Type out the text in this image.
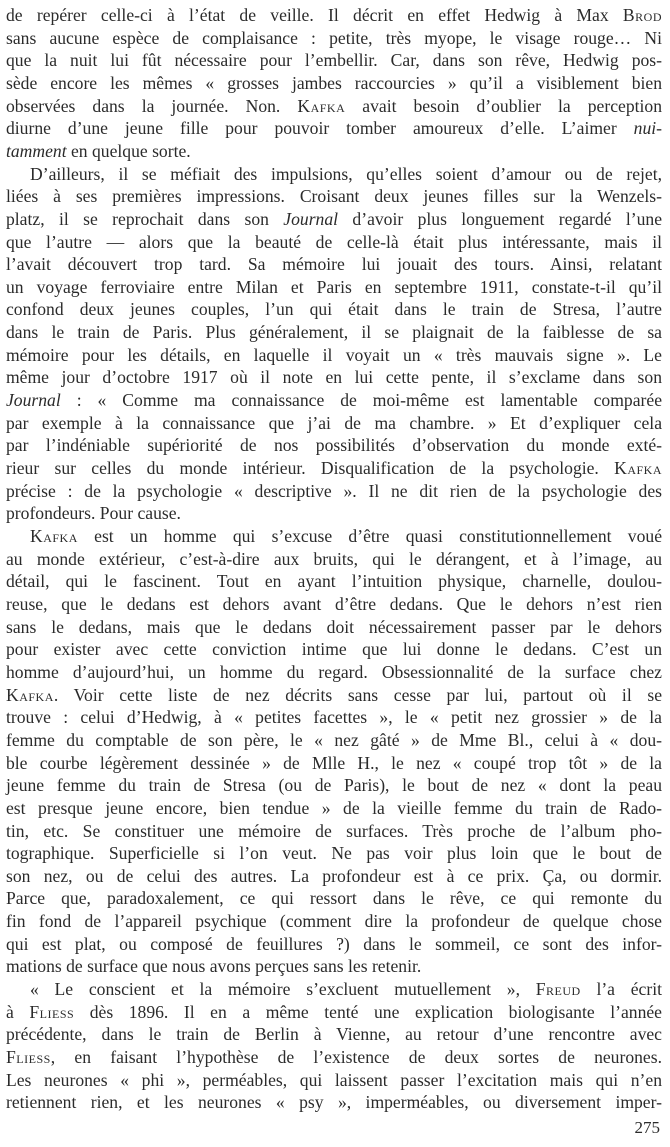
de repérer celle-ci à l’état de veille. Il décrit en effet Hedwig à Max Brod
sans aucune espèce de complaisance : petite, très myope, le visage rouge… Ni
que la nuit lui fût nécessaire pour l’embellir. Car, dans son rêve, Hedwig pos-
sède encore les mêmes « grosses jambes raccourcies » qu’il a visiblement bien
observées dans la journée. Non. Kafka avait besoin d’oublier la perception
diurne d’une jeune fille pour pouvoir tomber amoureux d’elle. L’aimer nui-
tamment en quelque sorte.
D’ailleurs, il se méfiait des impulsions, qu’elles soient d’amour ou de rejet,
liées à ses premières impressions. Croisant deux jeunes filles sur la Wenzels-
platz, il se reprochait dans son Journal d’avoir plus longuement regardé l’une
que l’autre — alors que la beauté de celle-là était plus intéressante, mais il
l’avait découvert trop tard. Sa mémoire lui jouait des tours. Ainsi, relatant
un voyage ferroviaire entre Milan et Paris en septembre 1911, constate-t-il qu’il
confond deux jeunes couples, l’un qui était dans le train de Stresa, l’autre
dans le train de Paris. Plus généralement, il se plaignait de la faiblesse de sa
mémoire pour les détails, en laquelle il voyait un « très mauvais signe ». Le
même jour d’octobre 1917 où il note en lui cette pente, il s’exclame dans son
Journal : « Comme ma connaissance de moi-même est lamentable comparée
par exemple à la connaissance que j’ai de ma chambre. » Et d’expliquer cela
par l’indéniable supériorité de nos possibilités d’observation du monde exté-
rieur sur celles du monde intérieur. Disqualification de la psychologie. Kafka
précise : de la psychologie « descriptive ». Il ne dit rien de la psychologie des
profondeurs. Pour cause.
Kafka est un homme qui s’excuse d’être quasi constitutionnellement voué
au monde extérieur, c’est-à-dire aux bruits, qui le dérangent, et à l’image, au
détail, qui le fascinent. Tout en ayant l’intuition physique, charnelle, doulou-
reuse, que le dedans est dehors avant d’être dedans. Que le dehors n’est rien
sans le dedans, mais que le dedans doit nécessairement passer par le dehors
pour exister avec cette conviction intime que lui donne le dedans. C’est un
homme d’aujourd’hui, un homme du regard. Obsessionnalité de la surface chez
Kafka. Voir cette liste de nez décrits sans cesse par lui, partout où il se
trouve : celui d’Hedwig, à « petites facettes », le « petit nez grossier » de la
femme du comptable de son père, le « nez gâté » de Mme Bl., celui à « dou-
ble courbe légèrement dessinée » de Mlle H., le nez « coupé trop tôt » de la
jeune femme du train de Stresa (ou de Paris), le bout de nez « dont la peau
est presque jeune encore, bien tendue » de la vieille femme du train de Rado-
tin, etc. Se constituer une mémoire de surfaces. Très proche de l’album pho-
tographique. Superficielle si l’on veut. Ne pas voir plus loin que le bout de
son nez, ou de celui des autres. La profondeur est à ce prix. Ça, ou dormir.
Parce que, paradoxalement, ce qui ressort dans le rêve, ce qui remonte du
fin fond de l’appareil psychique (comment dire la profondeur de quelque chose
qui est plat, ou composé de feuillures ?) dans le sommeil, ce sont des infor-
mations de surface que nous avons perçues sans les retenir.
« Le conscient et la mémoire s’excluent mutuellement », Freud l’a écrit
à Fliess dès 1896. Il en a même tenté une explication biologisante l’année
précédente, dans le train de Berlin à Vienne, au retour d’une rencontre avec
Fliess, en faisant l’hypothèse de l’existence de deux sortes de neurones.
Les neurones « phi », perméables, qui laissent passer l’excitation mais qui n’en
retiennent rien, et les neurones « psy », imperméables, ou diversement imper-
275
